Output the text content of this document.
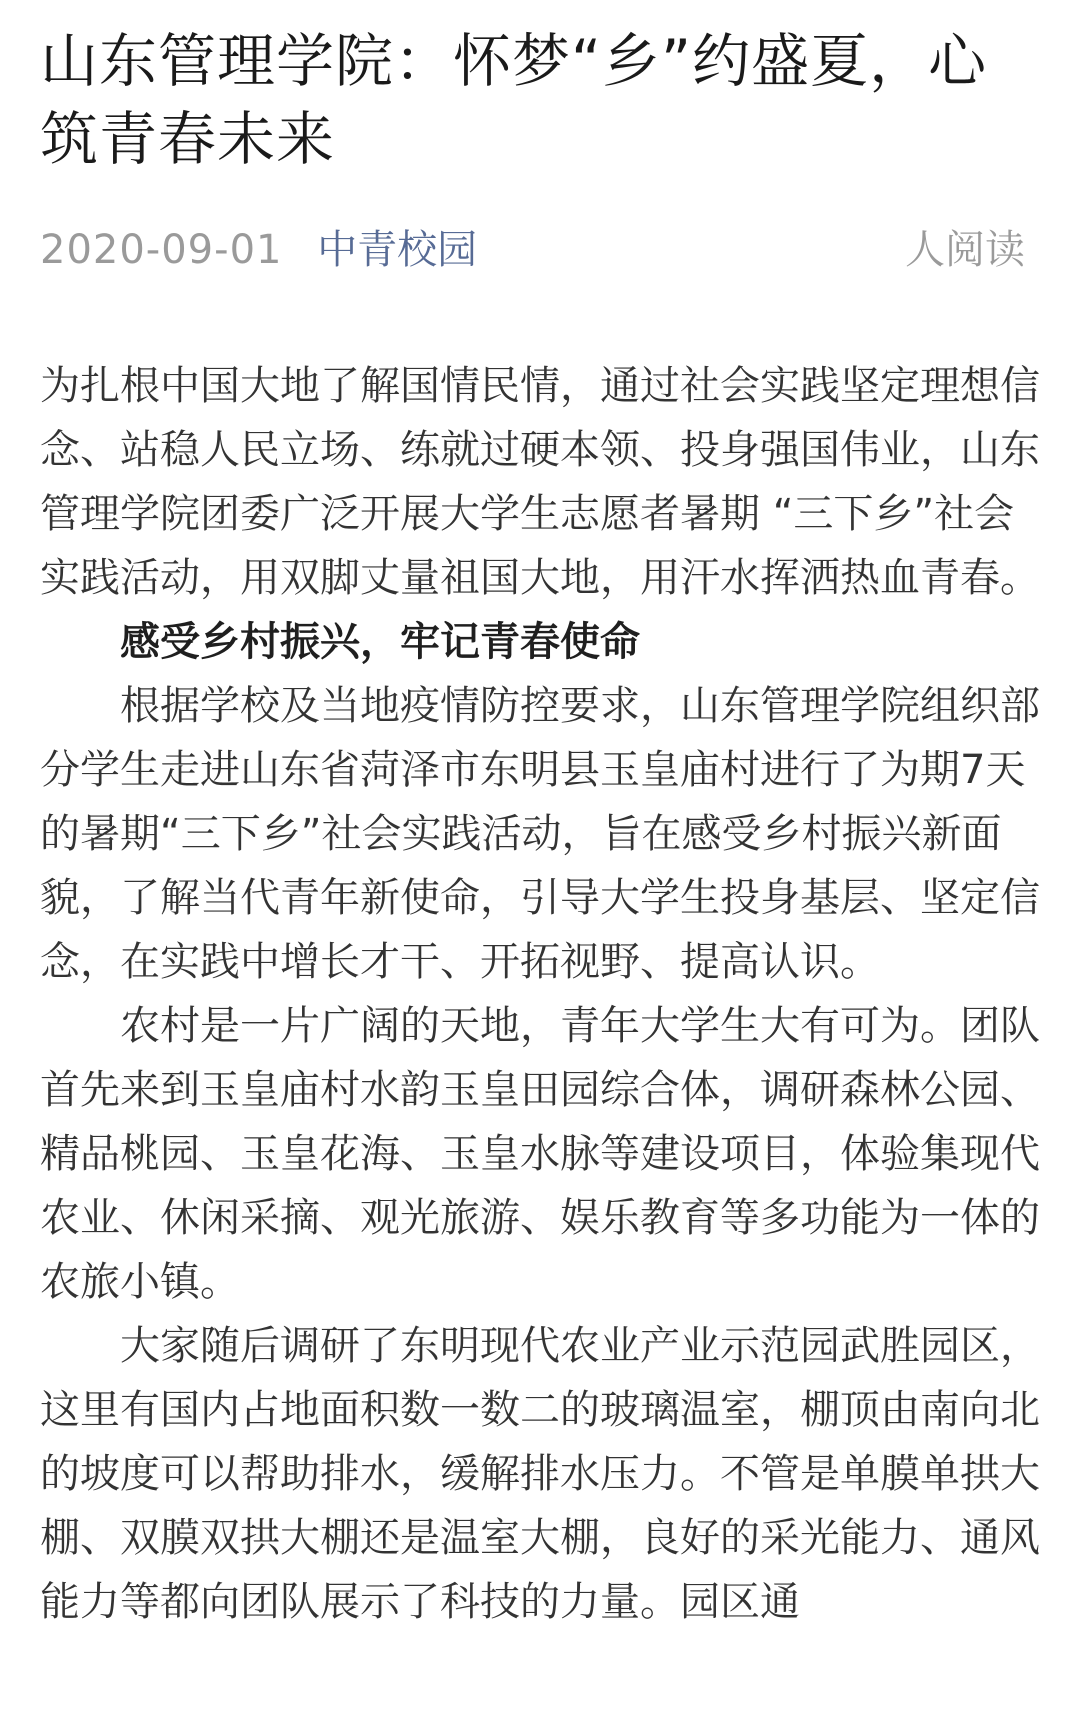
山东管理学院：怀梦“乡”约盛夏，心筑青春未来
2020-09-01 中青校园	人阅读

为扎根中国大地了解国情民情，通过社会实践坚定理想信念、站稳人民立场、练就过硬本领、投身强国伟业，山东管理学院团委广泛开展大学生志愿者暑期 “三下乡”社会实践活动，用双脚丈量祖国大地，用汗水挥洒热血青春。

感受乡村振兴，牢记青春使命

根据学校及当地疫情防控要求，山东管理学院组织部分学生走进山东省菏泽市东明县玉皇庙村进行了为期7天的暑期“三下乡”社会实践活动，旨在感受乡村振兴新面貌，了解当代青年新使命，引导大学生投身基层、坚定信念，在实践中增长才干、开拓视野、提高认识。

农村是一片广阔的天地，青年大学生大有可为。团队首先来到玉皇庙村水韵玉皇田园综合体，调研森林公园、精品桃园、玉皇花海、玉皇水脉等建设项目，体验集现代农业、休闲采摘、观光旅游、娱乐教育等多功能为一体的农旅小镇。

大家随后调研了东明现代农业产业示范园武胜园区，这里有国内占地面积数一数二的玻璃温室，棚顶由南向北的坡度可以帮助排水，缓解排水压力。不管是单膜单拱大棚、双膜双拱大棚还是温室大棚，良好的采光能力、通风能力等都向团队展示了科技的力量。园区通
